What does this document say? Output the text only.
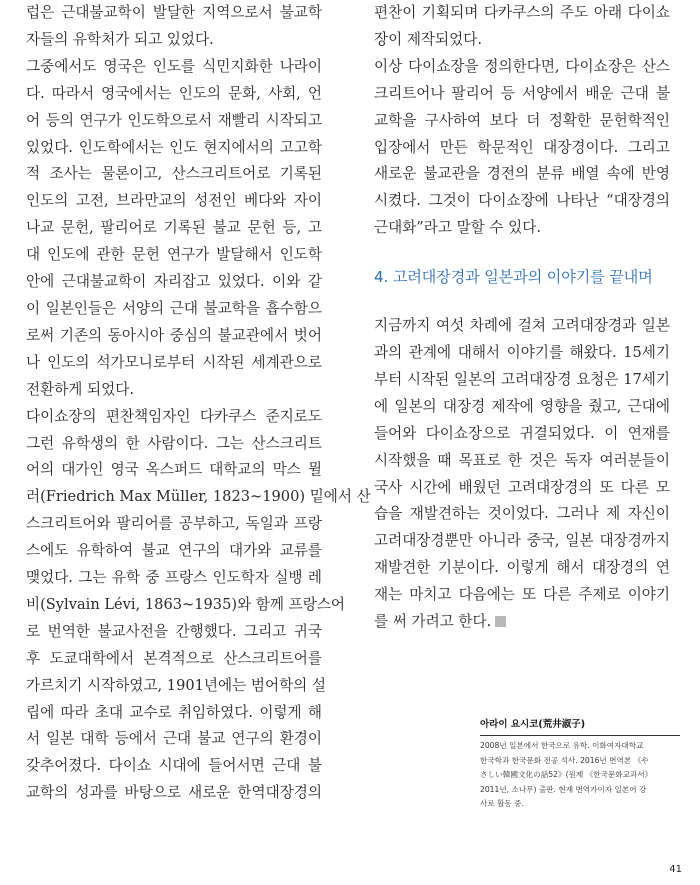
럽은 근대불교학이 발달한 지역으로서 불교학
자들의 유학처가 되고 있었다.
그중에서도 영국은 인도를 식민지화한 나라이
다. 따라서 영국에서는 인도의 문화, 사회, 언
어 등의 연구가 인도학으로서 재빨리 시작되고
있었다. 인도학에서는 인도 현지에서의 고고학
적 조사는 물론이고, 산스크리트어로 기록된
인도의 고전, 브라만교의 성전인 베다와 자이
나교 문헌, 팔리어로 기록된 불교 문헌 등, 고
대 인도에 관한 문헌 연구가 발달해서 인도학
안에 근대불교학이 자리잡고 있었다. 이와 같
이 일본인들은 서양의 근대 불교학을 흡수함으
로써 기존의 동아시아 중심의 불교관에서 벗어
나 인도의 석가모니로부터 시작된 세계관으로
전환하게 되었다.
다이쇼장의 편찬책임자인 다카쿠스 준지로도
그런 유학생의 한 사람이다. 그는 산스크리트
어의 대가인 영국 옥스퍼드 대학교의 막스 뮐
러(Friedrich Max Müller, 1823~1900) 밑에서 산
스크리트어와 팔리어를 공부하고, 독일과 프랑
스에도 유학하여 불교 연구의 대가와 교류를
맺었다. 그는 유학 중 프랑스 인도학자 실뱅 레
비(Sylvain Lévi, 1863~1935)와 함께 프랑스어
로 번역한 불교사전을 간행했다. 그리고 귀국
후 도쿄대학에서 본격적으로 산스크리트어를
가르치기 시작하였고, 1901년에는 범어학의 설
립에 따라 초대 교수로 취임하였다. 이렇게 해
서 일본 대학 등에서 근대 불교 연구의 환경이
갖추어졌다. 다이쇼 시대에 들어서면 근대 불
교학의 성과를 바탕으로 새로운 한역대장경의
편찬이 기획되며 다카쿠스의 주도 아래 다이쇼
장이 제작되었다.
이상 다이쇼장을 정의한다면, 다이쇼장은 산스
크리트어나 팔리어 등 서양에서 배운 근대 불
교학을 구사하여 보다 더 정확한 문헌학적인
입장에서 만든 학문적인 대장경이다. 그리고
새로운 불교관을 경전의 분류 배열 속에 반영
시켰다. 그것이 다이쇼장에 나타난 “대장경의
근대화”라고 말할 수 있다.
4. 고려대장경과 일본과의 이야기를 끝내며
지금까지 여섯 차례에 걸쳐 고려대장경과 일본
과의 관계에 대해서 이야기를 해왔다. 15세기
부터 시작된 일본의 고려대장경 요청은 17세기
에 일본의 대장경 제작에 영향을 줬고, 근대에
들어와 다이쇼장으로 귀결되었다. 이 연재를
시작했을 때 목표로 한 것은 독자 여러분들이
국사 시간에 배웠던 고려대장경의 또 다른 모
습을 재발견하는 것이었다. 그러나 제 자신이
고려대장경뿐만 아니라 중국, 일본 대장경까지
재발견한 기분이다. 이렇게 해서 대장경의 연
재는 마치고 다음에는 또 다른 주제로 이야기
를 써 가려고 한다.
아라이 요시코(荒井淑子)
2008년 일본에서 한국으로 유학. 이화여자대학교
한국학과 한국문화 전공 석사. 2016년 번역본 《や
さしい韓國文化の話52》(원제 《한국문화교과서》
2011년, 소나무) 출판. 현재 번역가이자 일본어 강
사로 활동 중.
41
